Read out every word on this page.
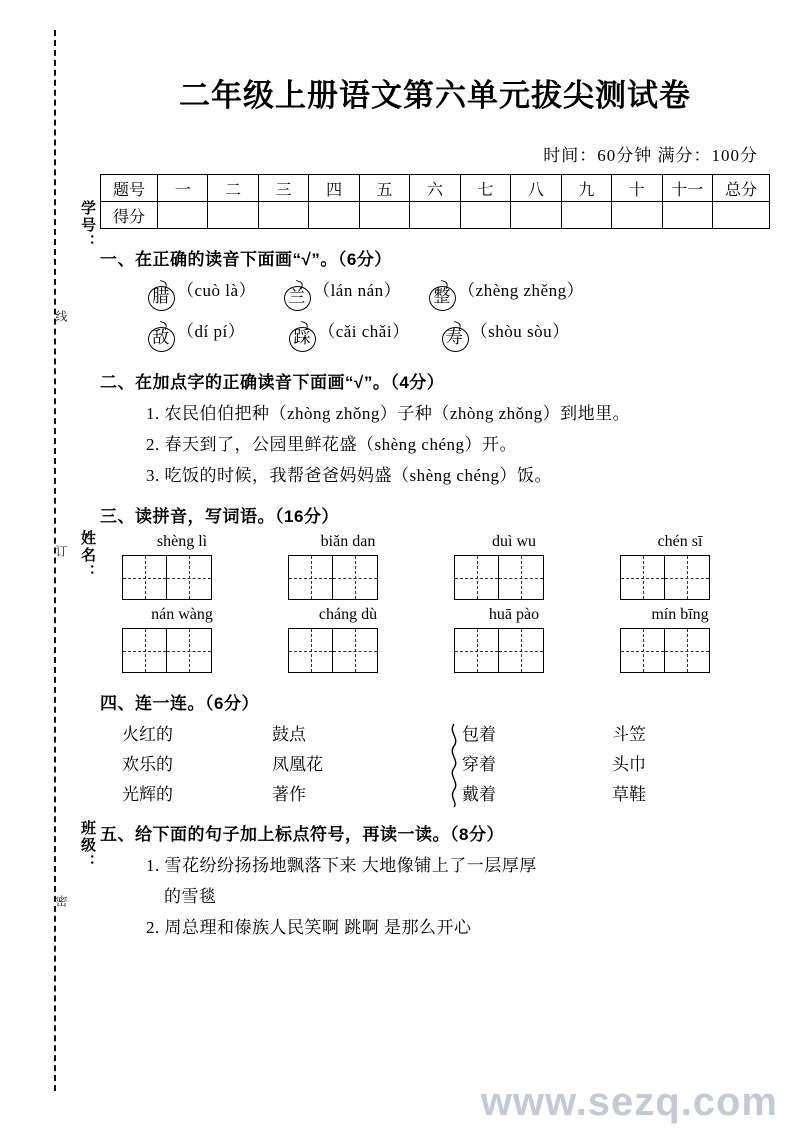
学号：
线
姓名：
订
班级：
密
二年级上册语文第六单元拔尖测试卷
时间：60分钟 满分：100分
题号	一	二	三	四	五	六	七	八	九	十	十一	总分
得分												
一、在正确的读音下面画“√”。（6分）
腊 （cuò là） 兰 （lán nán） 整 （zhèng zhěng）
敌 （dí pí）	踩 （cǎi chǎi） 寿 （shòu sòu）
二、在加点字的正确读音下面画“√”。（4分）
1. 农民伯伯把种（zhòng zhǒng）子种（zhòng zhǒng）到地里。
2. 春天到了，公园里鲜花盛（shèng chéng）开。
3. 吃饭的时候，我帮爸爸妈妈盛（shèng chéng）饭。
三、读拼音，写词语。（16分）
shèng lì	biǎn dan	duì wu	chén sī
nán wàng	cháng dù	huā pào	mín bīng
四、连一连。（6分）
火红的	鼓点	包着	斗笠
欢乐的	凤凰花	穿着	头巾
光辉的	著作	戴着	草鞋
五、给下面的句子加上标点符号，再读一读。（8分）
1. 雪花纷纷扬扬地飘落下来 大地像铺上了一层厚厚
的雪毯
2. 周总理和傣族人民笑啊 跳啊 是那么开心
www.sezq.com
